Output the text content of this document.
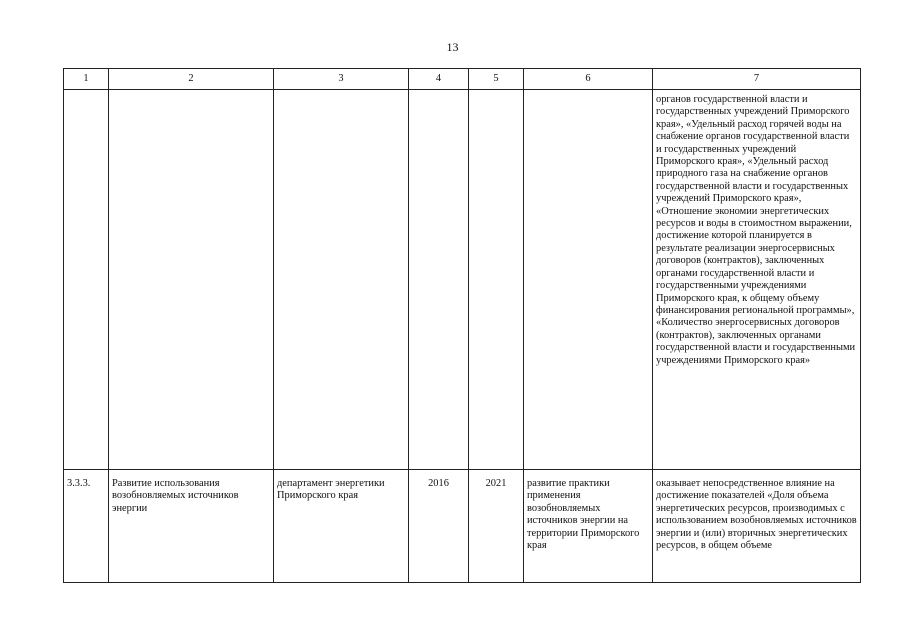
13
1	2	3	4	5	6	7
						органов государственной власти и государственных учреждений Приморского края», «Удельный расход горячей воды на снабжение органов государственной власти и государственных учреждений Приморского края», «Удельный расход природного газа на снабжение органов государственной власти и государственных учреждений Приморского края», «Отношение экономии энергетических ресурсов и воды в стоимостном выражении, достижение которой планируется в результате реализации энергосервисных договоров (контрактов), заключенных органами государственной власти и государственными учреждениями Приморского края, к общему объему финансирования региональной программы», «Количество энергосервисных договоров (контрактов), заключенных органами государственной власти и государственными учреждениями Приморского края»
3.3.3.	Развитие использования возобновляемых источников энергии	департамент энергетики Приморского края	2016	2021	развитие практики применения возобновляемых источников энергии на территории Приморского края	оказывает непосредственное влияние на достижение показателей «Доля объема энергетических ресурсов, производимых с использованием возобновляемых источников энергии и (или) вторичных энергетических ресурсов, в общем объеме
